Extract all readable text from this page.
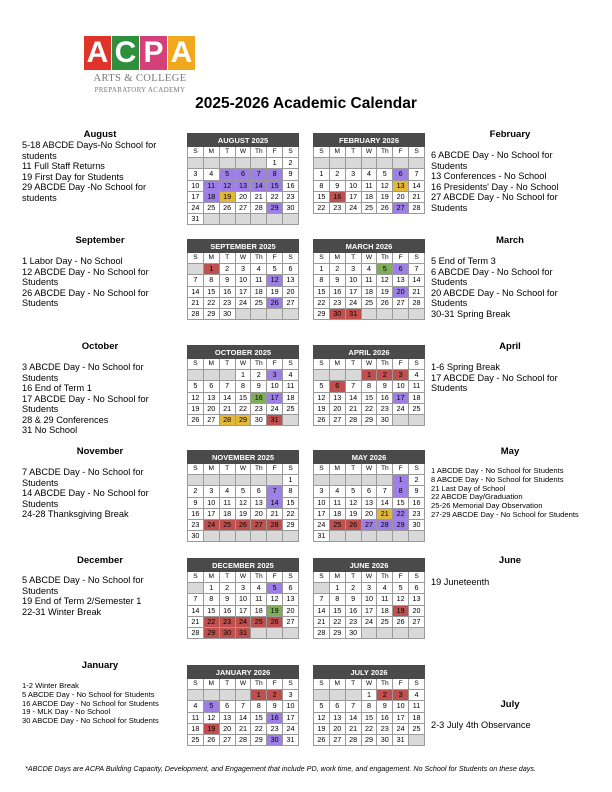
A C P A
ARTS & COLLEGE
PREPARATORY ACADEMY
2025-2026 Academic Calendar
August

5-18 ABCDE Days-No School for students

11 Full Staff Returns

19 First Day for Students

29 ABCDE Day -No School for students

September

1 Labor Day - No School

12 ABCDE Day - No School for Students

26 ABCDE Day - No School for Students

October

3 ABCDE Day - No School for Students

16 End of Term 1

17 ABCDE Day - No School for Students

28 & 29 Conferences

31 No School

November

7 ABCDE Day - No School for Students

14 ABCDE Day - No School for Students

24-28 Thanksgiving Break

December

5 ABCDE Day - No School for Students

19 End of Term 2/Semester 1

22-31 Winter Break

January

1-2 Winter Break

5 ABCDE Day - No School for Students

16 ABCDE Day - No School for Students

19 - MLK Day - No School

30 ABCDE Day - No School for Students

February

6 ABCDE Day - No School for Students

13 Conferences - No School

16 Presidents' Day - No School

27 ABCDE Day - No School for Students

March

5 End of Term 3

6 ABCDE Day - No School for Students

20 ABCDE Day - No School for Students

30-31 Spring Break

April

1-6 Spring Break

17 ABCDE Day - No School for Students

May

1 ABCDE Day - No School for Students

8 ABCDE Day - No School for Students

21 Last Day of School

22 ABCDE Day/Graduation

25-26 Memorial Day Observation

27-29 ABCDE Day - No School for Students

June

19 Juneteenth

July

2-3 July 4th Observance

AUGUST 2025						
S	M	T	W	Th	F	S
					1	2
3	4	5	6	7	8	9
10	11	12	13	14	15	16
17	18	19	20	21	22	23
24	25	26	27	28	29	30
31						
SEPTEMBER 2025						
S	M	T	W	Th	F	S
	1	2	3	4	5	6
7	8	9	10	11	12	13
14	15	16	17	18	19	20
21	22	23	24	25	26	27
28	29	30				
OCTOBER 2025						
S	M	T	W	Th	F	S
			1	2	3	4
5	6	7	8	9	10	11
12	13	14	15	16	17	18
19	20	21	22	23	24	25
26	27	28	29	30	31	
NOVEMBER 2025						
S	M	T	W	Th	F	S
						1
2	3	4	5	6	7	8
9	10	11	12	13	14	15
16	17	18	19	20	21	22
23	24	25	26	27	28	29
30						
DECEMBER 2025						
S	M	T	W	Th	F	S
	1	2	3	4	5	6
7	8	9	10	11	12	13
14	15	16	17	18	19	20
21	22	23	24	25	26	27
28	29	30	31			
JANUARY 2026						
S	M	T	W	Th	F	S
				1	2	3
4	5	6	7	8	9	10
11	12	13	14	15	16	17
18	19	20	21	22	23	24
25	26	27	28	29	30	31
FEBRUARY 2026						
S	M	T	W	Th	F	S

1	2	3	4	5	6	7
8	9	10	11	12	13	14
15	16	17	18	19	20	21
22	23	24	25	26	27	28
MARCH 2026						
S	M	T	W	Th	F	S
1	2	3	4	5	6	7
8	9	10	11	12	13	14
15	16	17	18	19	20	21
22	23	24	25	26	27	28
29	30	31				
APRIL 2026						
S	M	T	W	Th	F	S
			1	2	3	4
5	6	7	8	9	10	11
12	13	14	15	16	17	18
19	20	21	22	23	24	25
26	27	28	29	30		
MAY 2026						
S	M	T	W	Th	F	S
					1	2
3	4	5	6	7	8	9
10	11	12	13	14	15	16
17	18	19	20	21	22	23
24	25	26	27	28	29	30
31						
JUNE 2026						
S	M	T	W	Th	F	S
	1	2	3	4	5	6
7	8	9	10	11	12	13
14	15	16	17	18	19	20
21	22	23	24	25	26	27
28	29	30				
JULY 2026						
S	M	T	W	Th	F	S
			1	2	3	4
5	6	7	8	9	10	11
12	13	14	15	16	17	18
19	20	21	22	23	24	25
26	27	28	29	30	31	
*ABCDE Days are ACPA Building Capacity, Development, and Engagement that include PD, work time, and engagement. No School for Students on these days.
